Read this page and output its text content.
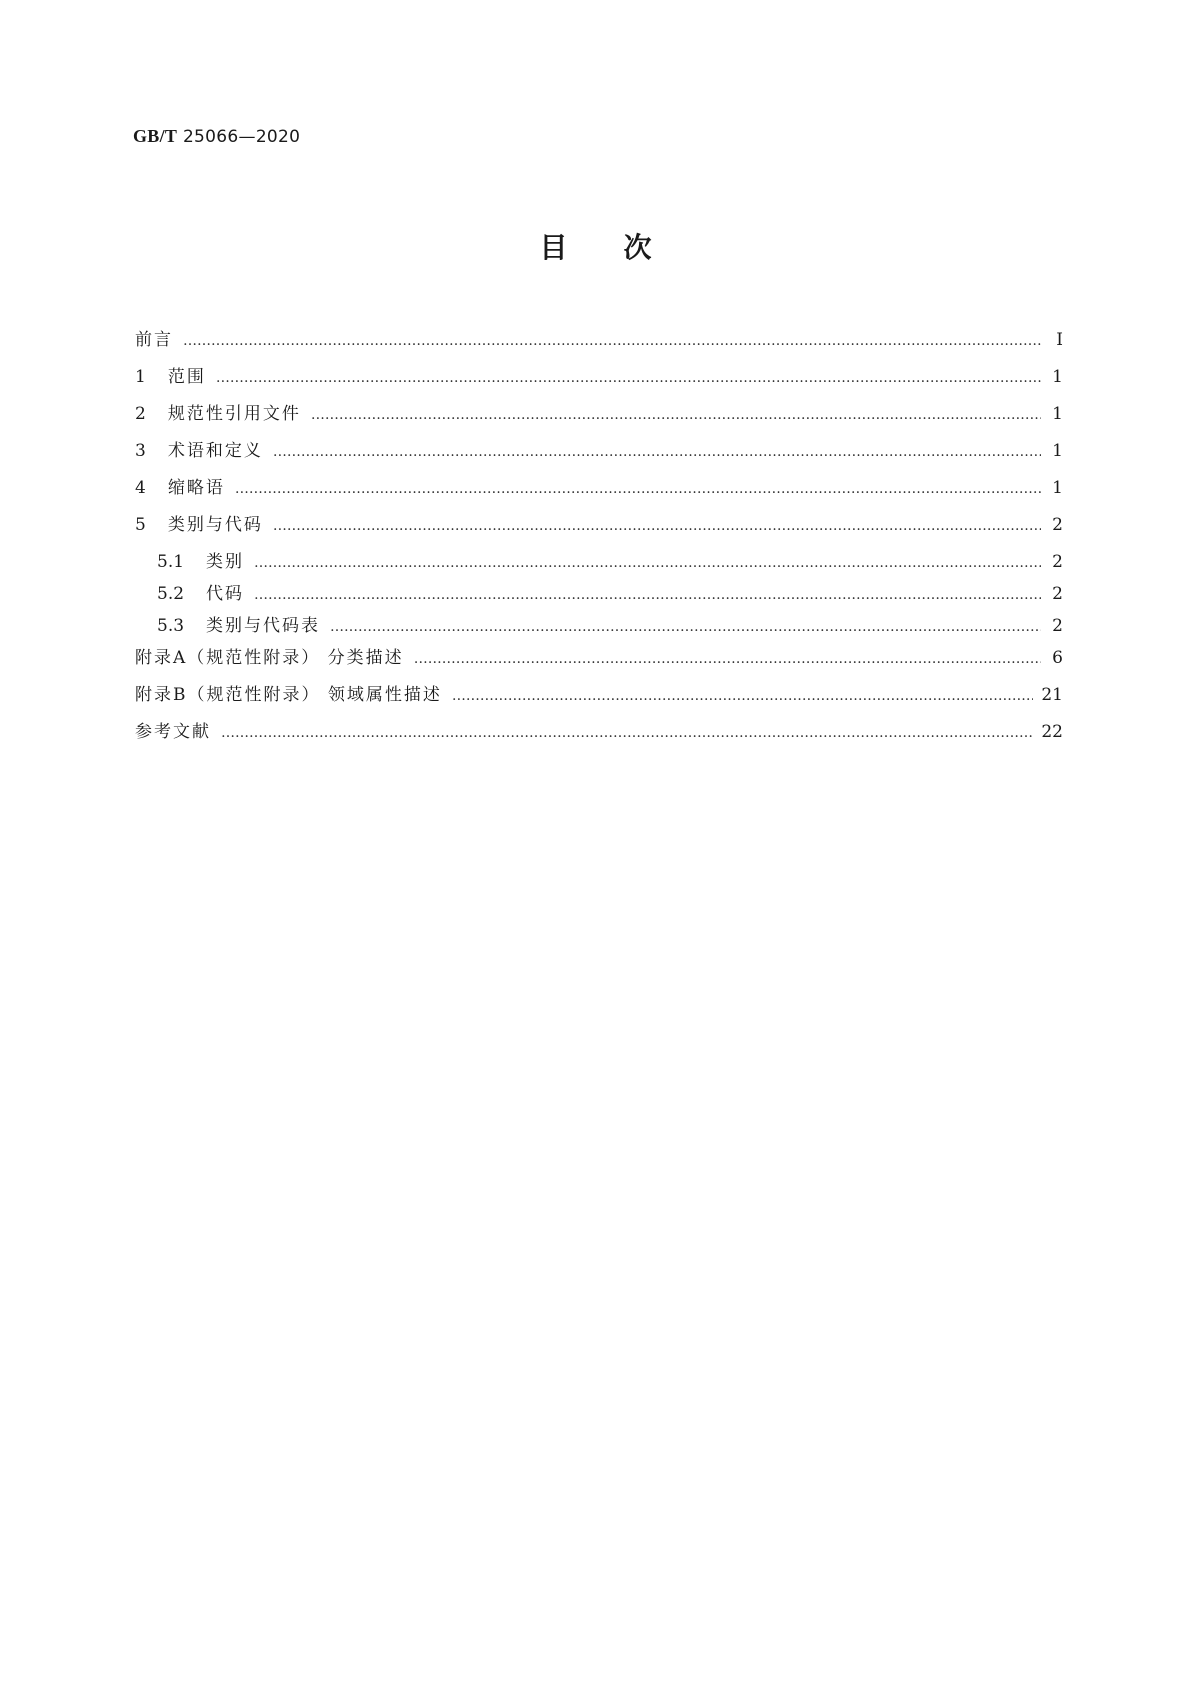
GB/T 25066—2020
目次
前言 …………………………………………………………………………………………………………………………………………………………………………………………………………………………………	Ⅰ
1 范围 …………………………………………………………………………………………………………………………………………………………………………………………………………………………………	1
2 规范性引用文件 …………………………………………………………………………………………………………………………………………………………………………………………………………………………………	1
3 术语和定义 …………………………………………………………………………………………………………………………………………………………………………………………………………………………………	1
4 缩略语 …………………………………………………………………………………………………………………………………………………………………………………………………………………………………	1
5 类别与代码 …………………………………………………………………………………………………………………………………………………………………………………………………………………………………	2
5.1 类别 …………………………………………………………………………………………………………………………………………………………………………………………………………………………………	2
5.2 代码 …………………………………………………………………………………………………………………………………………………………………………………………………………………………………	2
5.3 类别与代码表 …………………………………………………………………………………………………………………………………………………………………………………………………………………………………	2
附录A（规范性附录） 分类描述 …………………………………………………………………………………………………………………………………………………………………………………………………………………………………	6
附录B（规范性附录） 领域属性描述 …………………………………………………………………………………………………………………………………………………………………………………………………………………………………	21
参考文献 …………………………………………………………………………………………………………………………………………………………………………………………………………………………………	22
